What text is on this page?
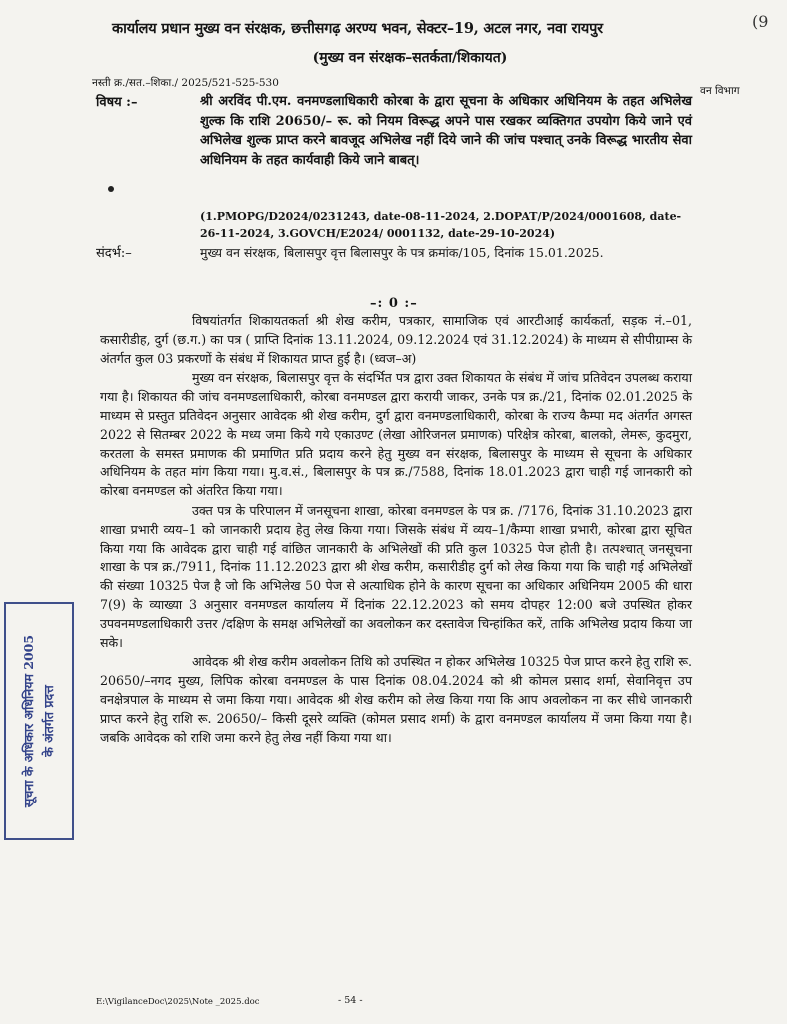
कार्यालय प्रधान मुख्य वन संरक्षक, छत्तीसगढ़ अरण्य भवन, सेक्टर–19, अटल नगर, नवा रायपुर
(मुख्य वन संरक्षक–सतर्कता/शिकायत)
(9
नस्ती क्र./सत.–शिका./ 2025/521-525-530
वन विभाग
विषय :–	श्री अरविंद पी.एम. वनमण्डलाधिकारी कोरबा के द्वारा सूचना के अधिकार अधिनियम के तहत अभिलेख शुल्क कि राशि 20650/– रू. को नियम विरूद्ध अपने पास रखकर व्यक्तिगत उपयोग किये जाने एवं अभिलेख शुल्क प्राप्त करने बावजूद अभिलेख नहीं दिये जाने की जांच पश्चात् उनके विरूद्ध भारतीय सेवा अधिनियम के तहत कार्यवाही किये जाने बाबत्।
(1.PMOPG/D2024/0231243, date-08-11-2024, 2.DOPAT/P/2024/0001608, date-26-11-2024, 3.GOVCH/E2024/ 0001132, date-29-10-2024)
संदर्भ:–	मुख्य वन संरक्षक, बिलासपुर वृत्त बिलासपुर के पत्र क्रमांक/105, दिनांक 15.01.2025.
–: 0 :–

विषयांतर्गत शिकायतकर्ता श्री शेख करीम, पत्रकार, सामाजिक एवं आरटीआई कार्यकर्ता, सड़क नं.–01, कसारीडीह, दुर्ग (छ.ग.) का पत्र ( प्राप्ति दिनांक 13.11.2024, 09.12.2024 एवं 31.12.2024) के माध्यम से सीपीग्राम्स के अंतर्गत कुल 03 प्रकरणों के संबंध में शिकायत प्राप्त हुई है। (ध्वज–अ)

मुख्य वन संरक्षक, बिलासपुर वृत्त के संदर्भित पत्र द्वारा उक्त शिकायत के संबंध में जांच प्रतिवेदन उपलब्ध कराया गया है। शिकायत की जांच वनमण्डलाधिकारी, कोरबा वनमण्डल द्वारा करायी जाकर, उनके पत्र क्र./21, दिनांक 02.01.2025 के माध्यम से प्रस्तुत प्रतिवेदन अनुसार आवेदक श्री शेख करीम, दुर्ग द्वारा वनमण्डलाधिकारी, कोरबा के राज्य कैम्पा मद अंतर्गत अगस्त 2022 से सितम्बर 2022 के मध्य जमा किये गये एकाउण्ट (लेखा ओरिजनल प्रमाणक) परिक्षेत्र कोरबा, बालको, लेमरू, कुदमुरा, करतला के समस्त प्रमाणक की प्रमाणित प्रति प्रदाय करने हेतु मुख्य वन संरक्षक, बिलासपुर के माध्यम से सूचना के अधिकार अधिनियम के तहत मांग किया गया। मु.व.सं., बिलासपुर के पत्र क्र./7588, दिनांक 18.01.2023 द्वारा चाही गई जानकारी को कोरबा वनमण्डल को अंतरित किया गया।

उक्त पत्र के परिपालन में जनसूचना शाखा, कोरबा वनमण्डल के पत्र क्र. /7176, दिनांक 31.10.2023 द्वारा शाखा प्रभारी व्यय–1 को जानकारी प्रदाय हेतु लेख किया गया। जिसके संबंध में व्यय–1/कैम्पा शाखा प्रभारी, कोरबा द्वारा सूचित किया गया कि आवेदक द्वारा चाही गई वांछित जानकारी के अभिलेखों की प्रति कुल 10325 पेज होती है। तत्पश्चात् जनसूचना शाखा के पत्र क्र./7911, दिनांक 11.12.2023 द्वारा श्री शेख करीम, कसारीडीह दुर्ग को लेख किया गया कि चाही गई अभिलेखों की संख्या 10325 पेज है जो कि अभिलेख 50 पेज से अत्याधिक होने के कारण सूचना का अधिकार अधिनियम 2005 की धारा 7(9) के व्याख्या 3 अनुसार वनमण्डल कार्यालय में दिनांक 22.12.2023 को समय दोपहर 12:00 बजे उपस्थित होकर उपवनमण्डलाधिकारी उत्तर /दक्षिण के समक्ष अभिलेखों का अवलोकन कर दस्तावेज चिन्हांकित करें, ताकि अभिलेख प्रदाय किया जा सके।

आवेदक श्री शेख करीम अवलोकन तिथि को उपस्थित न होकर अभिलेख 10325 पेज प्राप्त करने हेतु राशि रू. 20650/–नगद मुख्य, लिपिक कोरबा वनमण्डल के पास दिनांक 08.04.2024 को श्री कोमल प्रसाद शर्मा, सेवानिवृत्त उप वनक्षेत्रपाल के माध्यम से जमा किया गया। आवेदक श्री शेख करीम को लेख किया गया कि आप अवलोकन ना कर सीधे जानकारी प्राप्त करने हेतु राशि रू. 20650/– किसी दूसरे व्यक्ति (कोमल प्रसाद शर्मा) के द्वारा वनमण्डल कार्यालय में जमा किया गया है। जबकि आवेदक को राशि जमा करने हेतु लेख नहीं किया गया था।

सूचना के अधिकार अधिनियम 2005 के अंतर्गत प्रदत्त
E:\VigilanceDoc\2025\Note _2025.doc	- 54 -
